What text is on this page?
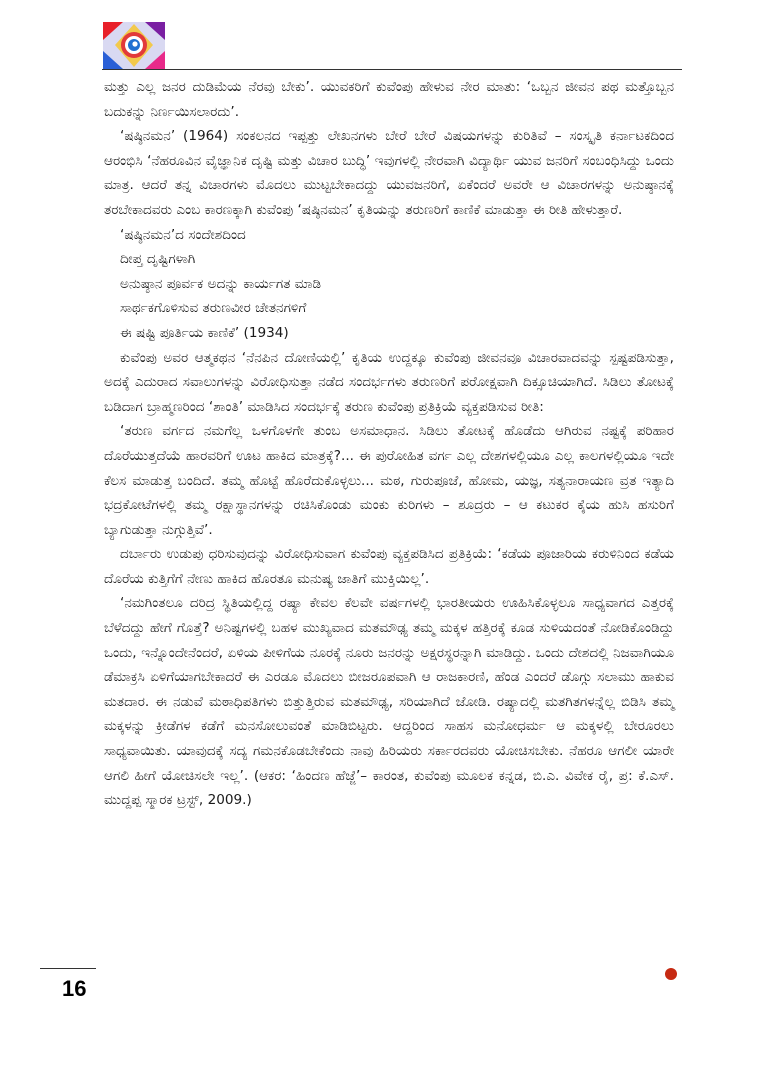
ಮತ್ತು ಎಲ್ಲ ಜನರ ದುಡಿಮೆಯ ನೆರವು ಬೇಕು’. ಯುವಕರಿಗೆ ಕುವೆಂಪು ಹೇಳುವ ನೇರ ಮಾತು: ‘ಒಬ್ಬನ ಜೀವನ ಪಥ ಮತ್ತೊಬ್ಬನ ಬದುಕನ್ನು ನಿರ್ಣಯಿಸಲಾರದು’.

‘ಷಷ್ಠಿನಮನ’ (1964) ಸಂಕಲನದ ಇಪ್ಪತ್ತು ಲೇಖನಗಳು ಬೇರೆ ಬೇರೆ ವಿಷಯಗಳನ್ನು ಕುರಿತಿವೆ – ಸಂಸ್ಕೃತಿ ಕರ್ನಾಟಕದಿಂದ ಆರಂಭಿಸಿ ‘ನೆಹರೂವಿನ ವೈಜ್ಞಾನಿಕ ದೃಷ್ಟಿ ಮತ್ತು ವಿಚಾರ ಬುದ್ಧಿ’ ಇವುಗಳಲ್ಲಿ ನೇರವಾಗಿ ವಿದ್ಯಾರ್ಥಿ ಯುವ ಜನರಿಗೆ ಸಂಬಂಧಿಸಿದ್ದು ಒಂದು ಮಾತ್ರ. ಆದರೆ ತನ್ನ ವಿಚಾರಗಳು ಮೊದಲು ಮುಟ್ಟಬೇಕಾದದ್ದು ಯುವಜನರಿಗೆ, ಏಕೆಂದರೆ ಅವರೇ ಆ ವಿಚಾರಗಳನ್ನು ಅನುಷ್ಠಾನಕ್ಕೆ ತರಬೇಕಾದವರು ಎಂಬ ಕಾರಣಕ್ಕಾಗಿ ಕುವೆಂಪು ‘ಷಷ್ಠಿನಮನ’ ಕೃತಿಯನ್ನು ತರುಣರಿಗೆ ಕಾಣಿಕೆ ಮಾಡುತ್ತಾ ಈ ರೀತಿ ಹೇಳುತ್ತಾರೆ.

‘ಷಷ್ಠಿನಮನ’ದ ಸಂದೇಶದಿಂದ

ದೀಪ್ತ ದೃಷ್ಟಿಗಳಾಗಿ

ಅನುಷ್ಠಾನ ಪೂರ್ವಕ ಅದನ್ನು ಕಾರ್ಯಗತ ಮಾಡಿ

ಸಾರ್ಥಕಗೊಳಿಸುವ ತರುಣವೀರ ಚೇತನಗಳಿಗೆ

ಈ ಷಷ್ಟಿ ಪೂರ್ತಿಯ ಕಾಣಿಕೆ’ (1934)

ಕುವೆಂಪು ಅವರ ಆತ್ಮಕಥನ ‘ನೆನಪಿನ ದೋಣಿಯಲ್ಲಿ’ ಕೃತಿಯ ಉದ್ದಕ್ಕೂ ಕುವೆಂಪು ಜೀವನವೂ ವಿಚಾರವಾದವನ್ನು ಸ್ಪಷ್ಟಪಡಿಸುತ್ತಾ, ಅದಕ್ಕೆ ಎದುರಾದ ಸವಾಲುಗಳನ್ನು ವಿರೋಧಿಸುತ್ತಾ ನಡೆದ ಸಂದರ್ಭಗಳು ತರುಣರಿಗೆ ಪರೋಕ್ಷವಾಗಿ ದಿಕ್ಸೂಚಿಯಾಗಿದೆ. ಸಿಡಿಲು ತೋಟಕ್ಕೆ ಬಡಿದಾಗ ಬ್ರಾಹ್ಮಣರಿಂದ ‘ಶಾಂತಿ’ ಮಾಡಿಸಿದ ಸಂದರ್ಭಕ್ಕೆ ತರುಣ ಕುವೆಂಪು ಪ್ರತಿಕ್ರಿಯೆ ವ್ಯಕ್ತಪಡಿಸುವ ರೀತಿ:

‘ತರುಣ ವರ್ಗದ ನಮಗೆಲ್ಲ ಒಳಗೊಳಗೇ ತುಂಬ ಅಸಮಾಧಾನ. ಸಿಡಿಲು ತೋಟಕ್ಕೆ ಹೊಡೆದು ಆಗಿರುವ ನಷ್ಟಕ್ಕೆ ಪರಿಹಾರ ದೊರೆಯುತ್ತದೆಯೆ ಹಾರವರಿಗೆ ಊಟ ಹಾಕಿದ ಮಾತ್ರಕ್ಕೆ?... ಈ ಪುರೋಹಿತ ವರ್ಗ ಎಲ್ಲ ದೇಶಗಳಲ್ಲಿಯೂ ಎಲ್ಲ ಕಾಲಗಳಲ್ಲಿಯೂ ಇದೇ ಕೆಲಸ ಮಾಡುತ್ತ ಬಂದಿದೆ. ತಮ್ಮ ಹೊಟ್ಟೆ ಹೊರೆದುಕೊಳ್ಳಲು... ಮಠ, ಗುರುಪೂಜೆ, ಹೋಮ, ಯಜ್ಞ, ಸತ್ಯನಾರಾಯಣ ವ್ರತ ಇತ್ಯಾದಿ ಭದ್ರಕೋಟೆಗಳಲ್ಲಿ ತಮ್ಮ ರಕ್ಷಾಸ್ಥಾನಗಳನ್ನು ರಚಿಸಿಕೊಂಡು ಮಂಕು ಕುರಿಗಳು – ಶೂದ್ರರು – ಆ ಕಟುಕರ ಕೈಯ ಹುಸಿ ಹಸುರಿಗೆ ಬ್ಯಾಗುಡುತ್ತಾ ನುಗ್ಗುತ್ತಿವೆ’.

ದರ್ಬಾರು ಉಡುಪು ಧರಿಸುವುದನ್ನು ವಿರೋಧಿಸುವಾಗ ಕುವೆಂಪು ವ್ಯಕ್ತಪಡಿಸಿದ ಪ್ರತಿಕ್ರಿಯೆ: ‘ಕಡೆಯ ಪೂಜಾರಿಯ ಕರುಳಿನಿಂದ ಕಡೆಯ ದೊರೆಯ ಕುತ್ತಿಗೆಗೆ ನೇಣು ಹಾಕಿದ ಹೊರತೂ ಮನುಷ್ಯ ಜಾತಿಗೆ ಮುಕ್ತಿಯಿಲ್ಲ’.

‘ನಮಗಿಂತಲೂ ದರಿದ್ರ ಸ್ಥಿತಿಯಲ್ಲಿದ್ದ ರಷ್ಯಾ ಕೇವಲ ಕೆಲವೇ ವರ್ಷಗಳಲ್ಲಿ ಭಾರತೀಯರು ಊಹಿಸಿಕೊಳ್ಳಲೂ ಸಾಧ್ಯವಾಗದ ಎತ್ತರಕ್ಕೆ ಬೆಳೆದದ್ದು ಹೇಗೆ ಗೊತ್ತೆ? ಅನಿಷ್ಟಗಳಲ್ಲಿ ಬಹಳ ಮುಖ್ಯವಾದ ಮತಮೌಢ್ಯ ತಮ್ಮ ಮಕ್ಕಳ ಹತ್ತಿರಕ್ಕೆ ಕೂಡ ಸುಳಿಯದಂತೆ ನೋಡಿಕೊಂಡಿದ್ದು ಒಂದು, ಇನ್ನೊಂದೇನೆಂದರೆ, ಏಳಿಯ ಪೀಳಿಗೆಯ ನೂರಕ್ಕೆ ನೂರು ಜನರನ್ನು ಅಕ್ಷರಸ್ಥರನ್ನಾಗಿ ಮಾಡಿದ್ದು. ಒಂದು ದೇಶದಲ್ಲಿ ನಿಜವಾಗಿಯೂ ಡೆಮಾಕ್ರಸಿ ಏಳಿಗೆಯಾಗಬೇಕಾದರೆ ಈ ಎರಡೂ ಮೊದಲು ಬೀಜರೂಪವಾಗಿ ಆ ರಾಜಕಾರಣಿ, ಹೆಂಡ ಎಂದರೆ ಡೊಗ್ಗು ಸಲಾಮು ಹಾಕುವ ಮತದಾರ. ಈ ನಡುವೆ ಮಠಾಧಿಪತಿಗಳು ಬಿತ್ತುತ್ತಿರುವ ಮತಮೌಢ್ಯ, ಸರಿಯಾಗಿದೆ ಜೋಡಿ. ರಷ್ಯಾದಲ್ಲಿ ಮತಗಿತಗಳನ್ನೆಲ್ಲ ಬಿಡಿಸಿ ತಮ್ಮ ಮಕ್ಕಳನ್ನು ಕ್ರೀಡೆಗಳ ಕಡೆಗೆ ಮನಸೋಲುವಂತೆ ಮಾಡಿಬಿಟ್ಟರು. ಆದ್ದರಿಂದ ಸಾಹಸ ಮನೋಧರ್ಮ ಆ ಮಕ್ಕಳಲ್ಲಿ ಬೇರೂರಲು ಸಾಧ್ಯವಾಯಿತು. ಯಾವುದಕ್ಕೆ ಸದ್ಯ ಗಮನಕೊಡಬೇಕೆಂದು ನಾವು ಹಿರಿಯರು ಸರ್ಕಾರದವರು ಯೋಚಿಸಬೇಕು. ನೆಹರೂ ಆಗಲೀ ಯಾರೇ ಆಗಲಿ ಹೀಗೆ ಯೋಚಿಸಲೇ ಇಲ್ಲ’. (ಆಕರ: ‘ಹಿಂದಣ ಹೆಜ್ಜೆ’– ಕಾರಂತ, ಕುವೆಂಪು ಮೂಲಕ ಕನ್ನಡ, ಬಿ.ಎ. ವಿವೇಕ ರೈ, ಪ್ರ: ಕೆ.ಎಸ್. ಮುದ್ದಪ್ಪ ಸ್ಮಾರಕ ಟ್ರಸ್ಟ್, 2009.)

16
